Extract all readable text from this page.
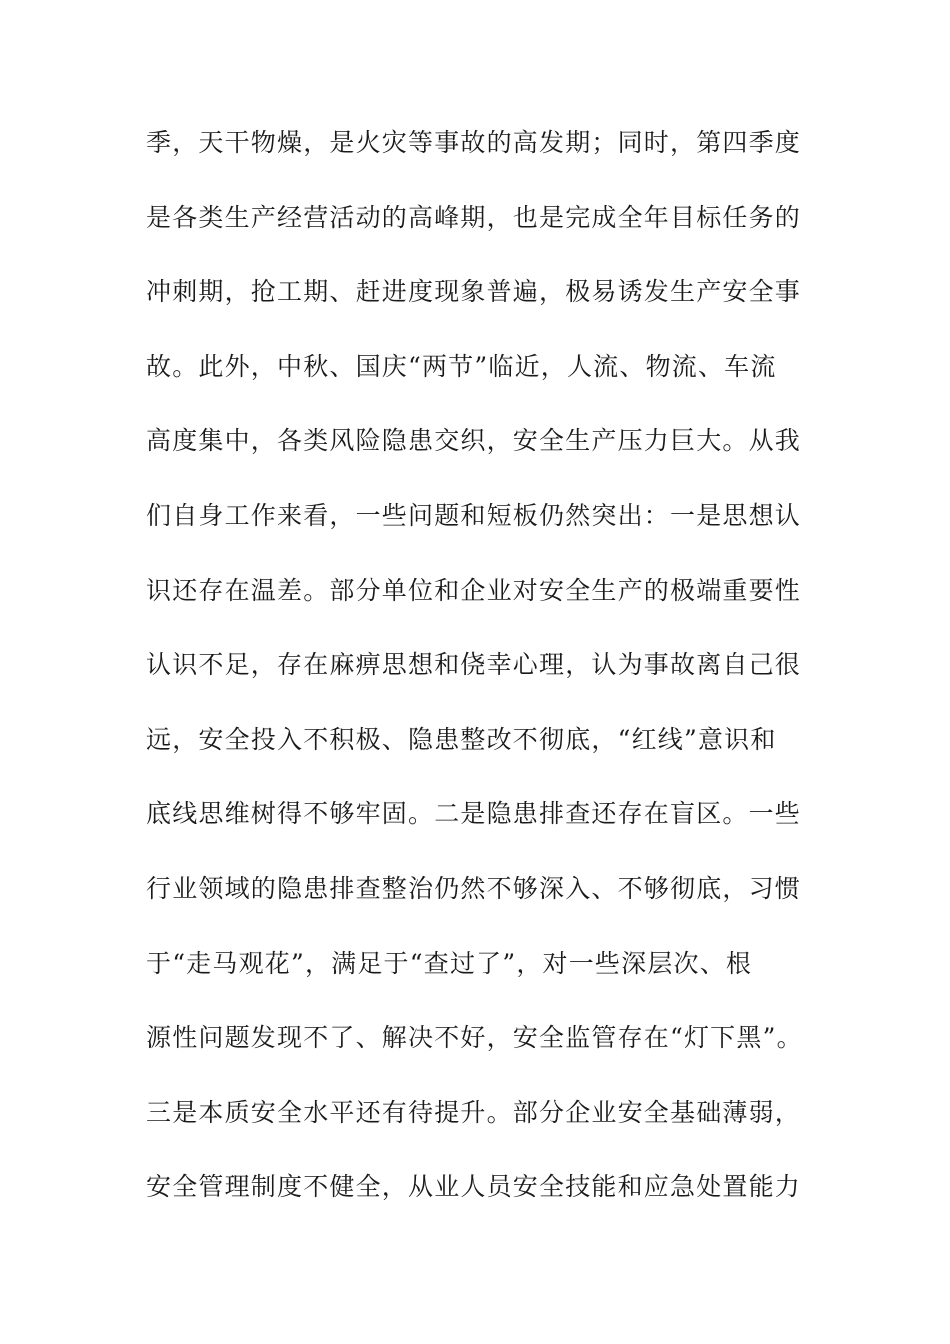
季，天干物燥，是火灾等事故的高发期；同时，第四季度
是各类生产经营活动的高峰期，也是完成全年目标任务的
冲刺期，抢工期、赶进度现象普遍，极易诱发生产安全事
故。此外，中秋、国庆“两节”临近，人流、物流、车流
高度集中，各类风险隐患交织，安全生产压力巨大。从我
们自身工作来看，一些问题和短板仍然突出：一是思想认
识还存在温差。部分单位和企业对安全生产的极端重要性
认识不足，存在麻痹思想和侥幸心理，认为事故离自己很
远，安全投入不积极、隐患整改不彻底，“红线”意识和
底线思维树得不够牢固。二是隐患排查还存在盲区。一些
行业领域的隐患排查整治仍然不够深入、不够彻底，习惯
于“走马观花”，满足于“查过了”，对一些深层次、根
源性问题发现不了、解决不好，安全监管存在“灯下黑”。
三是本质安全水平还有待提升。部分企业安全基础薄弱，
安全管理制度不健全，从业人员安全技能和应急处置能力
